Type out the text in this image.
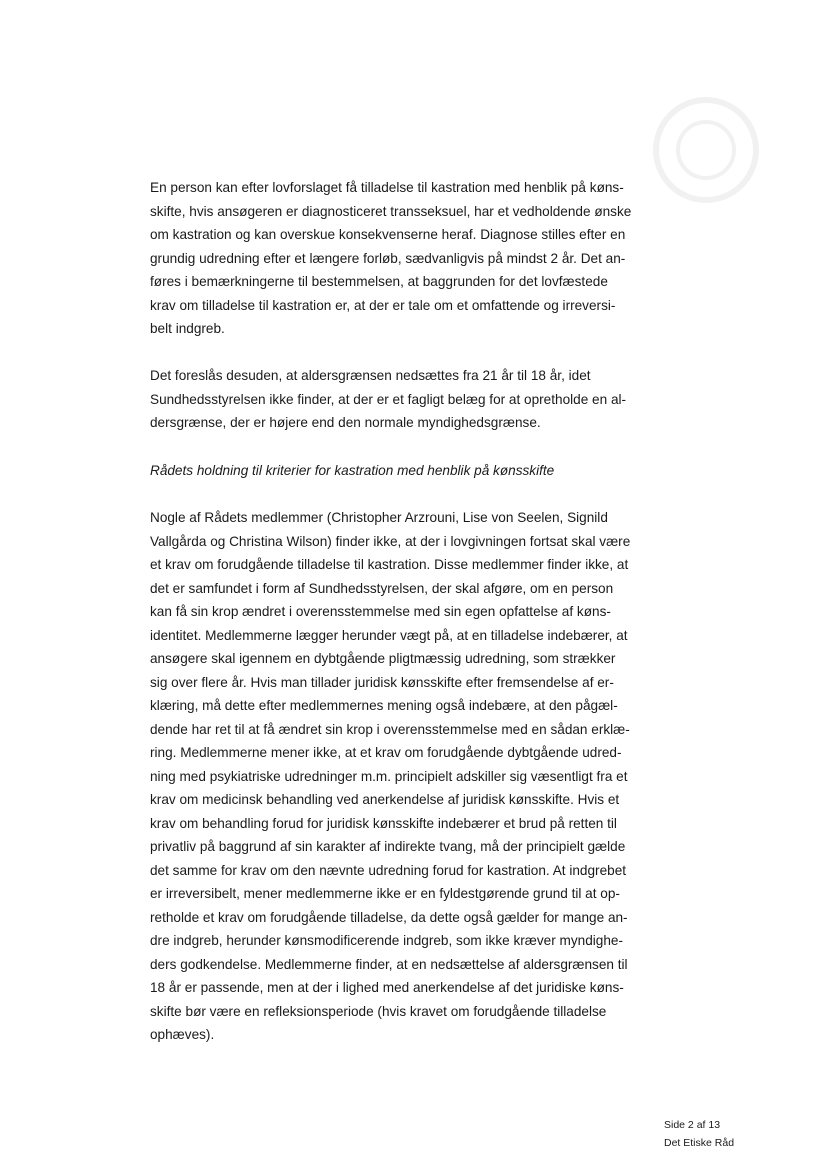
En person kan efter lovforslaget få tilladelse til kastration med henblik på køns-
skifte, hvis ansøgeren er diagnosticeret transseksuel, har et vedholdende ønske
om kastration og kan overskue konsekvenserne heraf. Diagnose stilles efter en
grundig udredning efter et længere forløb, sædvanligvis på mindst 2 år. Det an-
føres i bemærkningerne til bestemmelsen, at baggrunden for det lovfæstede
krav om tilladelse til kastration er, at der er tale om et omfattende og irreversi-
belt indgreb.
Det foreslås desuden, at aldersgrænsen nedsættes fra 21 år til 18 år, idet
Sundhedsstyrelsen ikke finder, at der er et fagligt belæg for at opretholde en al-
dersgrænse, der er højere end den normale myndighedsgrænse.
Rådets holdning til kriterier for kastration med henblik på kønsskifte
Nogle af Rådets medlemmer (Christopher Arzrouni, Lise von Seelen, Signild
Vallgårda og Christina Wilson) finder ikke, at der i lovgivningen fortsat skal være
et krav om forudgående tilladelse til kastration. Disse medlemmer finder ikke, at
det er samfundet i form af Sundhedsstyrelsen, der skal afgøre, om en person
kan få sin krop ændret i overensstemmelse med sin egen opfattelse af køns-
identitet. Medlemmerne lægger herunder vægt på, at en tilladelse indebærer, at
ansøgere skal igennem en dybtgående pligtmæssig udredning, som strækker
sig over flere år. Hvis man tillader juridisk kønsskifte efter fremsendelse af er-
klæring, må dette efter medlemmernes mening også indebære, at den pågæl-
dende har ret til at få ændret sin krop i overensstemmelse med en sådan erklæ-
ring. Medlemmerne mener ikke, at et krav om forudgående dybtgående udred-
ning med psykiatriske udredninger m.m. principielt adskiller sig væsentligt fra et
krav om medicinsk behandling ved anerkendelse af juridisk kønsskifte. Hvis et
krav om behandling forud for juridisk kønsskifte indebærer et brud på retten til
privatliv på baggrund af sin karakter af indirekte tvang, må der principielt gælde
det samme for krav om den nævnte udredning forud for kastration. At indgrebet
er irreversibelt, mener medlemmerne ikke er en fyldestgørende grund til at op-
retholde et krav om forudgående tilladelse, da dette også gælder for mange an-
dre indgreb, herunder kønsmodificerende indgreb, som ikke kræver myndighe-
ders godkendelse. Medlemmerne finder, at en nedsættelse af aldersgrænsen til
18 år er passende, men at der i lighed med anerkendelse af det juridiske køns-
skifte bør være en refleksionsperiode (hvis kravet om forudgående tilladelse
ophæves).
Side 2 af 13
Det Etiske Råd
